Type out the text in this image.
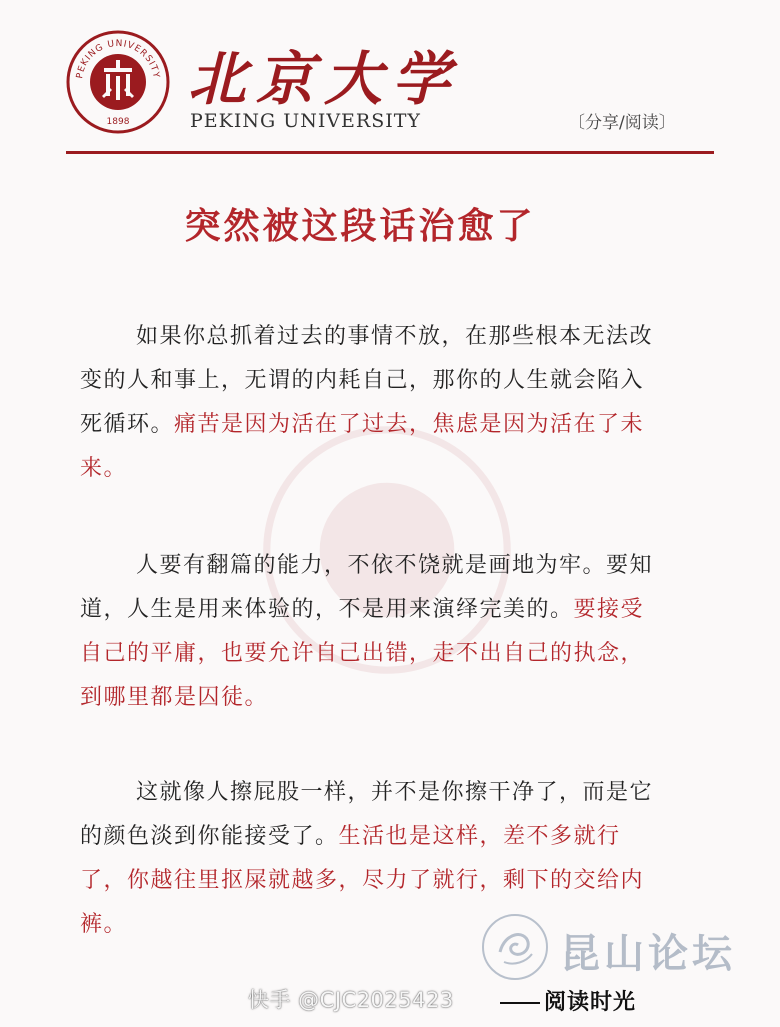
PEKING UNIVERSITY
1898
北京大学
PEKING UNIVERSITY	〔分享/阅读〕
突然被这段话治愈了
如果你总抓着过去的事情不放，在那些根本无法改变的人和事上，无谓的内耗自己，那你的人生就会陷入死循环。痛苦是因为活在了过去，焦虑是因为活在了未来。
人要有翻篇的能力，不依不饶就是画地为牢。要知道，人生是用来体验的，不是用来演绎完美的。要接受自己的平庸，也要允许自己出错，走不出自己的执念，到哪里都是囚徒。
这就像人擦屁股一样，并不是你擦干净了，而是它的颜色淡到你能接受了。生活也是这样，差不多就行了，你越往里抠屎就越多，尽力了就行，剩下的交给内裤。
昆山论坛
快手 @CJC2025423	阅读时光
